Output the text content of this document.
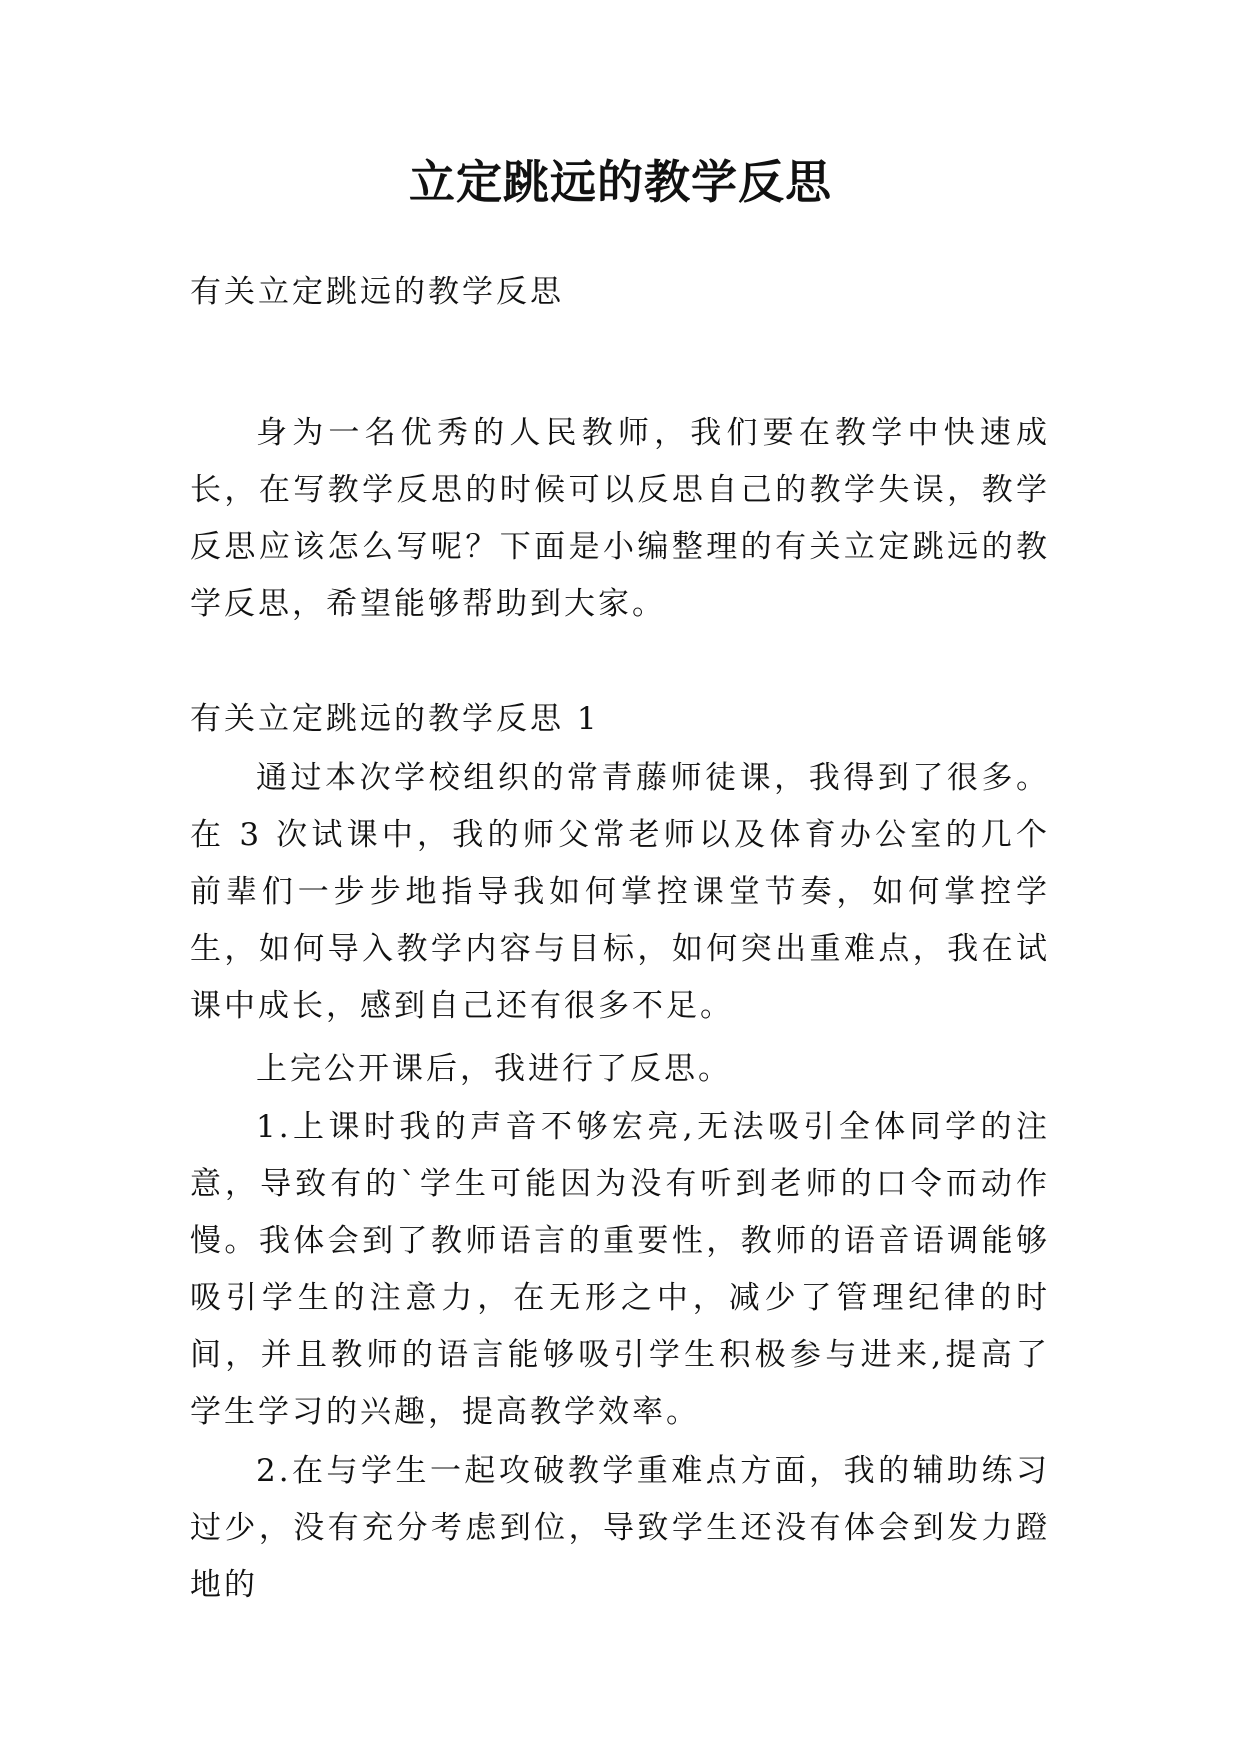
立定跳远的教学反思

有关立定跳远的教学反思

身为一名优秀的人民教师，我们要在教学中快速成长，在写教学反思的时候可以反思自己的教学失误，教学反思应该怎么写呢？下面是小编整理的有关立定跳远的教学反思，希望能够帮助到大家。

有关立定跳远的教学反思 1

通过本次学校组织的常青藤师徒课，我得到了很多。在 3 次试课中，我的师父常老师以及体育办公室的几个前辈们一步步地指导我如何掌控课堂节奏，如何掌控学生，如何导入教学内容与目标，如何突出重难点，我在试课中成长，感到自己还有很多不足。

上完公开课后，我进行了反思。

1.上课时我的声音不够宏亮,无法吸引全体同学的注意，导致有的`学生可能因为没有听到老师的口令而动作慢。我体会到了教师语言的重要性，教师的语音语调能够吸引学生的注意力，在无形之中，减少了管理纪律的时间，并且教师的语言能够吸引学生积极参与进来,提高了学生学习的兴趣，提高教学效率。

2.在与学生一起攻破教学重难点方面，我的辅助练习过少，没有充分考虑到位，导致学生还没有体会到发力蹬地的
